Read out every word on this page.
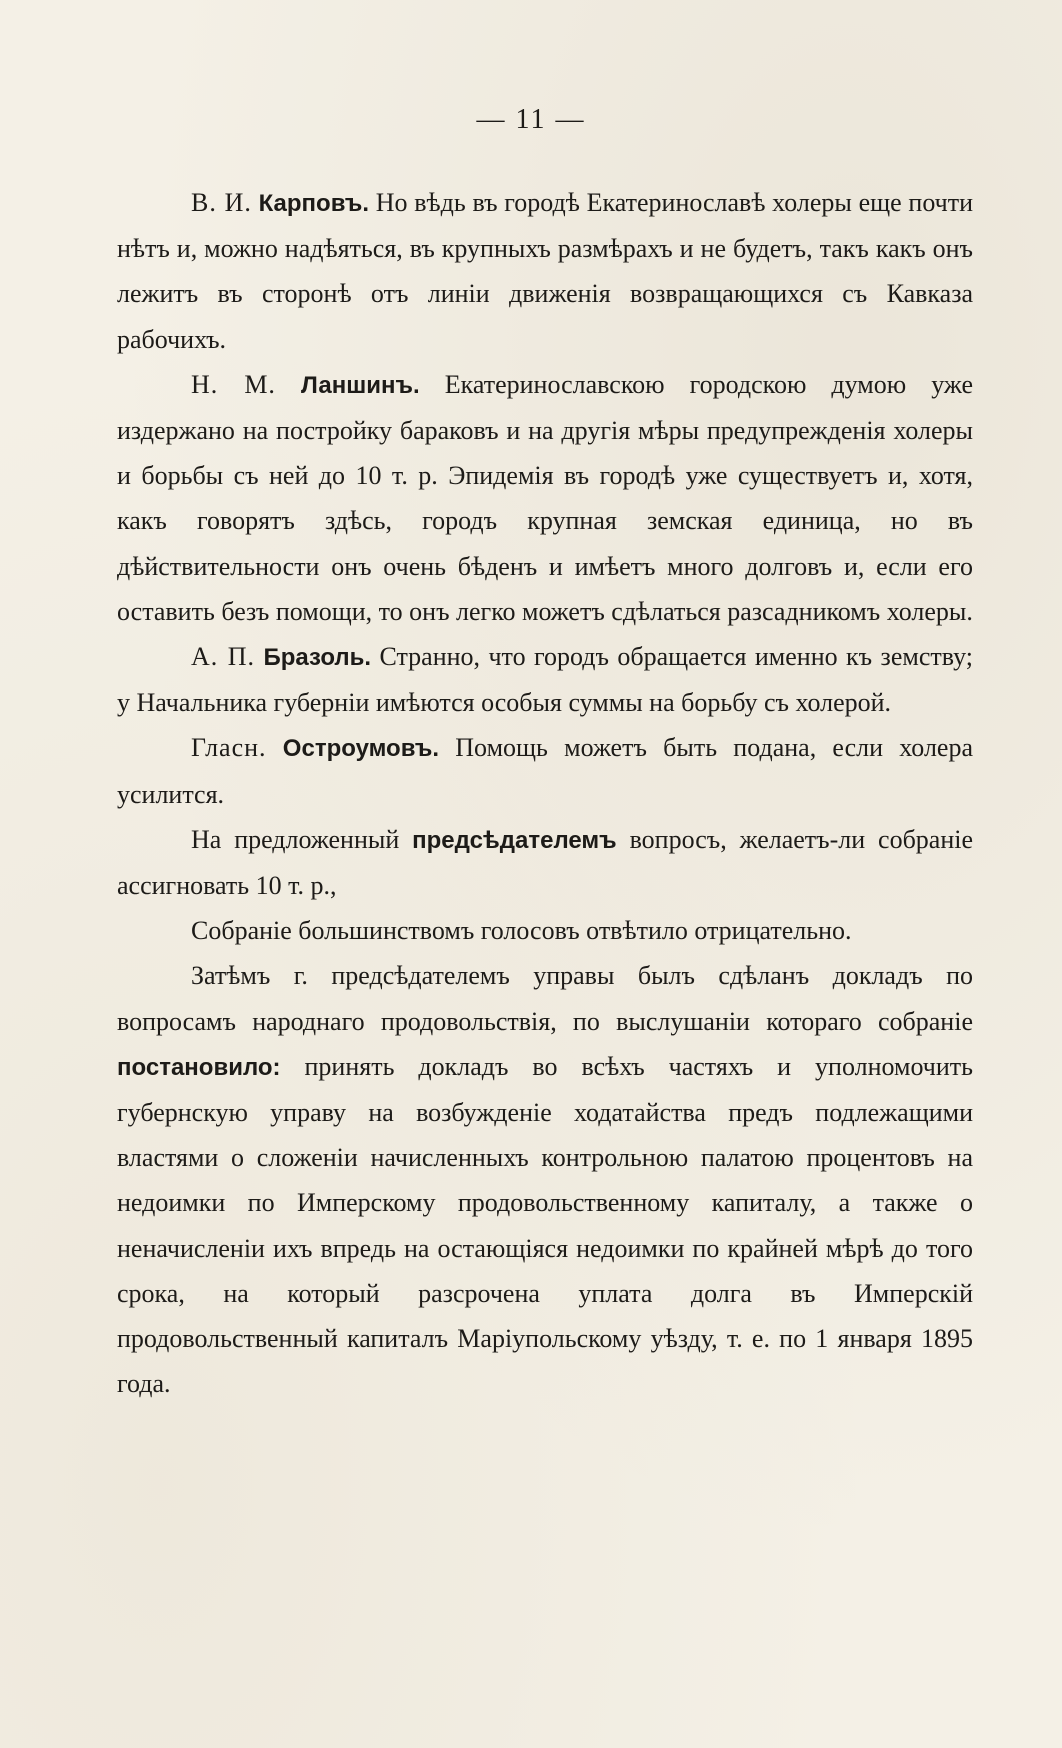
— 11 —

В. И. Карповъ. Но вѣдь въ городѣ Екатеринославѣ холеры еще почти нѣтъ и, можно надѣяться, въ крупныхъ размѣрахъ и не будетъ, такъ какъ онъ лежитъ въ сторонѣ отъ линіи движенія возвращающихся съ Кавказа рабочихъ.

Н. М. Ланшинъ. Екатеринославскою городскою думою уже издержано на постройку бараковъ и на другія мѣры предупрежденія холеры и борьбы съ ней до 10 т. р. Эпидемія въ городѣ уже существуетъ и, хотя, какъ говорятъ здѣсь, городъ крупная земская единица, но въ дѣйствительности онъ очень бѣденъ и имѣетъ много долговъ и, если его оставить безъ помощи, то онъ легко можетъ сдѣлаться разсадникомъ холеры.

А. П. Бразоль. Странно, что городъ обращается именно къ земству; у Начальника губерніи имѣются особыя суммы на борьбу съ холерой.

Гласн. Остроумовъ. Помощь можетъ быть подана, если холера усилится.

На предложенный предсѣдателемъ вопросъ, желаетъ-ли собраніе ассигновать 10 т. р.,

Собраніе большинствомъ голосовъ отвѣтило отрицательно.

Затѣмъ г. предсѣдателемъ управы былъ сдѣланъ докладъ по вопросамъ народнаго продовольствія, по выслушаніи котораго собраніе постановило: принять докладъ во всѣхъ частяхъ и уполномочить губернскую управу на возбужденіе ходатайства предъ подлежащими властями о сложеніи начисленныхъ контрольною палатою процентовъ на недоимки по Имперскому продовольственному капиталу, а также о неначисленіи ихъ впредь на остающіяся недоимки по крайней мѣрѣ до того срока, на который разсрочена уплата долга въ Имперскій продовольственный капиталъ Маріупольскому уѣзду, т. е. по 1 января 1895 года.
